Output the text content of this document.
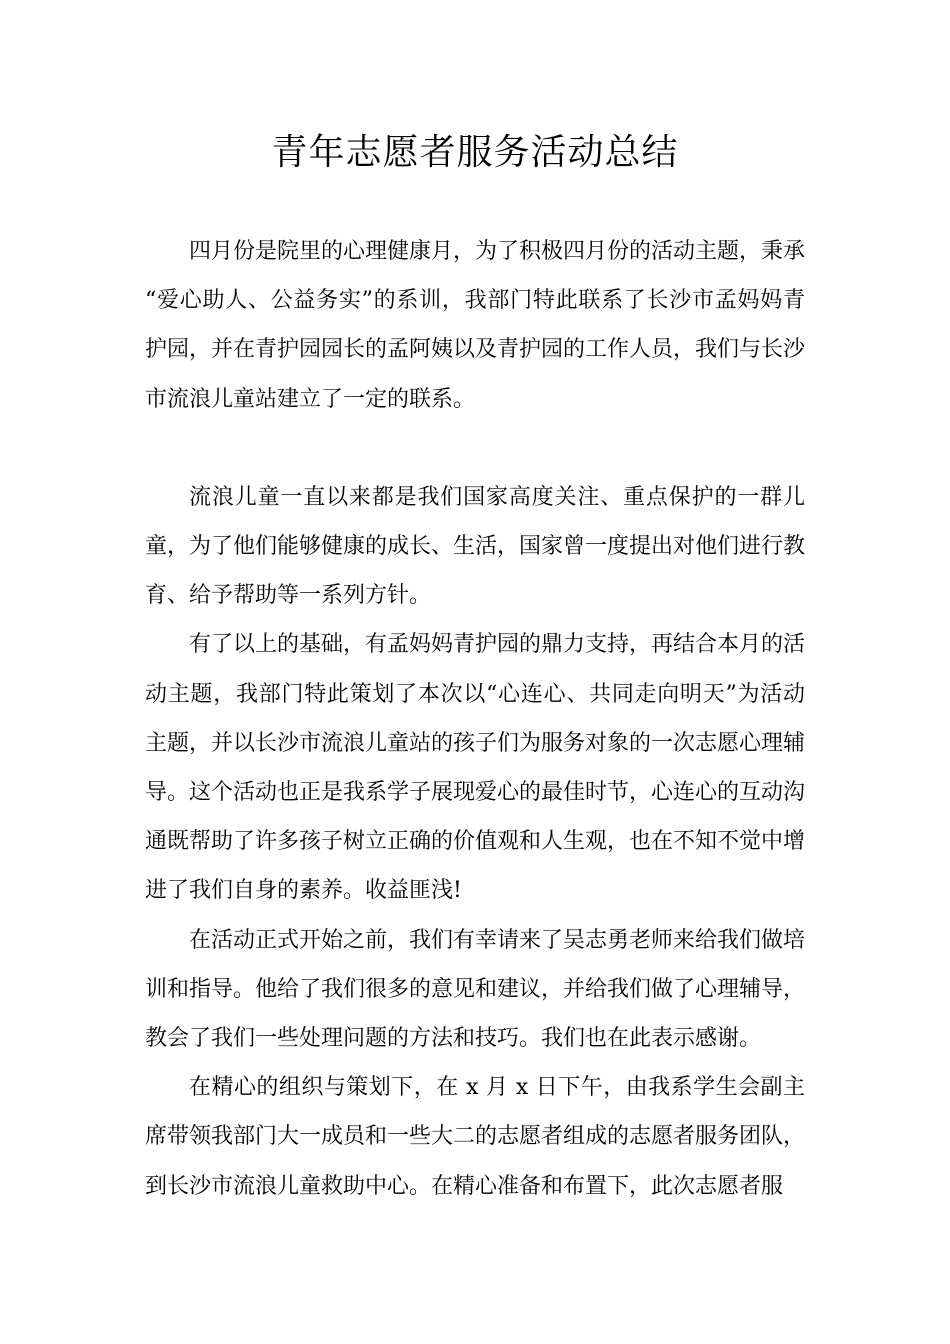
青年志愿者服务活动总结

四月份是院里的心理健康月，为了积极四月份的活动主题，秉承 “爱心助人、公益务实”的系训，我部门特此联系了长沙市孟妈妈青护园，并在青护园园长的孟阿姨以及青护园的工作人员，我们与长沙市流浪儿童站建立了一定的联系。

流浪儿童一直以来都是我们国家高度关注、重点保护的一群儿童，为了他们能够健康的成长、生活，国家曾一度提出对他们进行教育、给予帮助等一系列方针。

有了以上的基础，有孟妈妈青护园的鼎力支持，再结合本月的活动主题，我部门特此策划了本次以“心连心、共同走向明天”为活动主题，并以长沙市流浪儿童站的孩子们为服务对象的一次志愿心理辅导。这个活动也正是我系学子展现爱心的最佳时节，心连心的互动沟通既帮助了许多孩子树立正确的价值观和人生观，也在不知不觉中增进了我们自身的素养。收益匪浅!

在活动正式开始之前，我们有幸请来了吴志勇老师来给我们做培训和指导。他给了我们很多的意见和建议，并给我们做了心理辅导，教会了我们一些处理问题的方法和技巧。我们也在此表示感谢。

在精心的组织与策划下，在 x 月 x 日下午，由我系学生会副主席带领我部门大一成员和一些大二的志愿者组成的志愿者服务团队，到长沙市流浪儿童救助中心。在精心准备和布置下，此次志愿者服
